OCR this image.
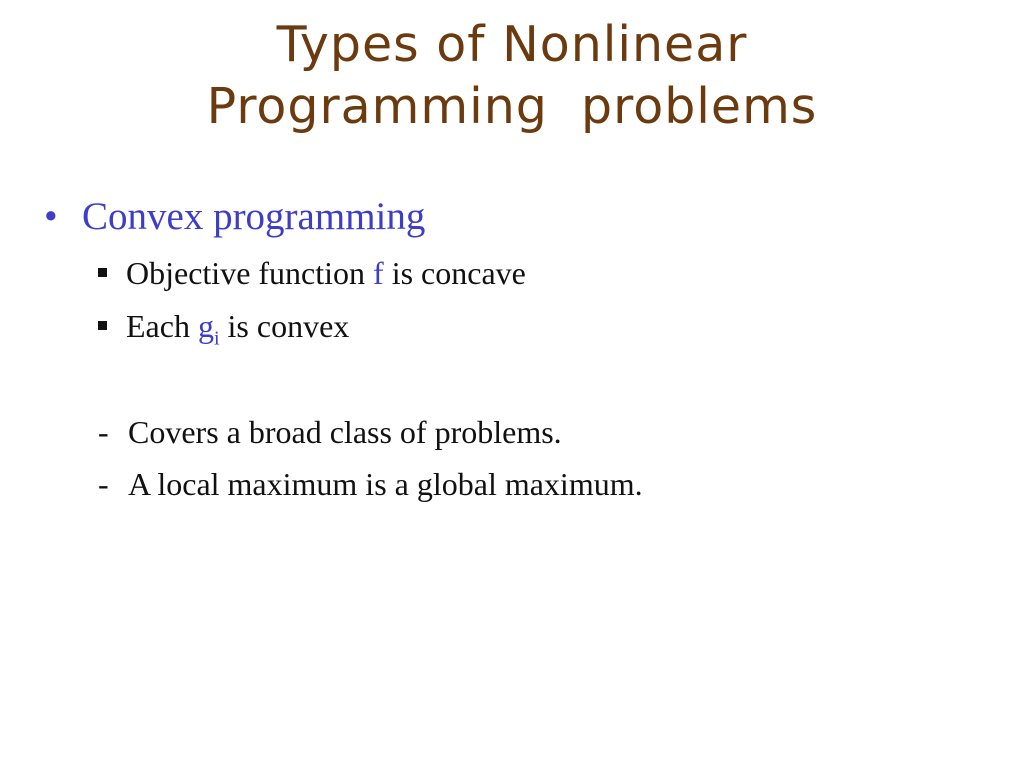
Types of Nonlinear
Programming  problems
• Convex programming
Objective function f is concave
Each $g_i$ is convex
- Covers a broad class of problems.
- A local maximum is a global maximum.
